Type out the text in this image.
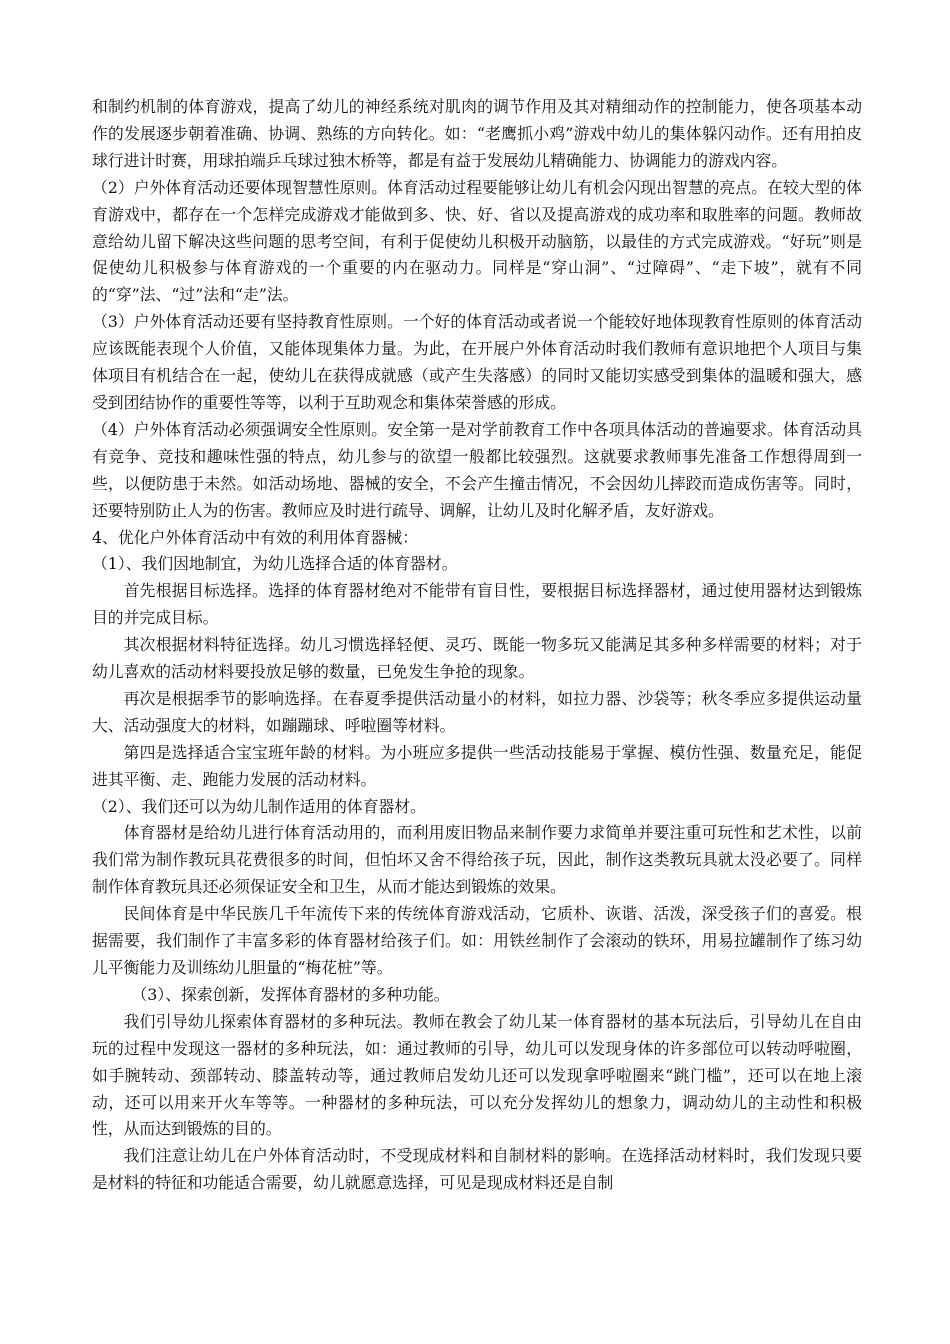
和制约机制的体育游戏，提高了幼儿的神经系统对肌肉的调节作用及其对精细动作的控制能力，使各项基本动作的发展逐步朝着准确、协调、熟练的方向转化。如：“老鹰抓小鸡”游戏中幼儿的集体躲闪动作。还有用拍皮球行进计时赛，用球拍端乒乓球过独木桥等，都是有益于发展幼儿精确能力、协调能力的游戏内容。

（2）户外体育活动还要体现智慧性原则。体育活动过程要能够让幼儿有机会闪现出智慧的亮点。在较大型的体育游戏中，都存在一个怎样完成游戏才能做到多、快、好、省以及提高游戏的成功率和取胜率的问题。教师故意给幼儿留下解决这些问题的思考空间，有利于促使幼儿积极开动脑筋，以最佳的方式完成游戏。“好玩”则是促使幼儿积极参与体育游戏的一个重要的内在驱动力。同样是“穿山洞”、“过障碍”、“走下坡”，就有不同的“穿”法、“过”法和“走”法。

（3）户外体育活动还要有坚持教育性原则。一个好的体育活动或者说一个能较好地体现教育性原则的体育活动应该既能表现个人价值，又能体现集体力量。为此，在开展户外体育活动时我们教师有意识地把个人项目与集体项目有机结合在一起，使幼儿在获得成就感（或产生失落感）的同时又能切实感受到集体的温暖和强大，感受到团结协作的重要性等等，以利于互助观念和集体荣誉感的形成。

（4）户外体育活动必须强调安全性原则。安全第一是对学前教育工作中各项具体活动的普遍要求。体育活动具有竞争、竞技和趣味性强的特点，幼儿参与的欲望一般都比较强烈。这就要求教师事先准备工作想得周到一些，以便防患于未然。如活动场地、器械的安全，不会产生撞击情况，不会因幼儿摔跤而造成伤害等。同时，还要特别防止人为的伤害。教师应及时进行疏导、调解，让幼儿及时化解矛盾，友好游戏。

4、优化户外体育活动中有效的利用体育器械：

（1）、我们因地制宜，为幼儿选择合适的体育器材。

首先根据目标选择。选择的体育器材绝对不能带有盲目性，要根据目标选择器材，通过使用器材达到锻炼目的并完成目标。

其次根据材料特征选择。幼儿习惯选择轻便、灵巧、既能一物多玩又能满足其多种多样需要的材料；对于幼儿喜欢的活动材料要投放足够的数量，已免发生争抢的现象。

再次是根据季节的影响选择。在春夏季提供活动量小的材料，如拉力器、沙袋等；秋冬季应多提供运动量大、活动强度大的材料，如蹦蹦球、呼啦圈等材料。

第四是选择适合宝宝班年龄的材料。为小班应多提供一些活动技能易于掌握、模仿性强、数量充足，能促进其平衡、走、跑能力发展的活动材料。

（2）、我们还可以为幼儿制作适用的体育器材。

体育器材是给幼儿进行体育活动用的，而利用废旧物品来制作要力求简单并要注重可玩性和艺术性，以前我们常为制作教玩具花费很多的时间，但怕坏又舍不得给孩子玩，因此，制作这类教玩具就太没必要了。同样制作体育教玩具还必须保证安全和卫生，从而才能达到锻炼的效果。

民间体育是中华民族几千年流传下来的传统体育游戏活动，它质朴、诙谐、活泼，深受孩子们的喜爱。根据需要，我们制作了丰富多彩的体育器材给孩子们。如：用铁丝制作了会滚动的铁环，用易拉罐制作了练习幼儿平衡能力及训练幼儿胆量的“梅花桩”等。

（3）、探索创新，发挥体育器材的多种功能。

我们引导幼儿探索体育器材的多种玩法。教师在教会了幼儿某一体育器材的基本玩法后，引导幼儿在自由玩的过程中发现这一器材的多种玩法，如：通过教师的引导，幼儿可以发现身体的许多部位可以转动呼啦圈，如手腕转动、颈部转动、膝盖转动等，通过教师启发幼儿还可以发现拿呼啦圈来“跳门槛”，还可以在地上滚动，还可以用来开火车等等。一种器材的多种玩法，可以充分发挥幼儿的想象力，调动幼儿的主动性和积极性，从而达到锻炼的目的。

我们注意让幼儿在户外体育活动时，不受现成材料和自制材料的影响。在选择活动材料时，我们发现只要是材料的特征和功能适合需要，幼儿就愿意选择，可见是现成材料还是自制
